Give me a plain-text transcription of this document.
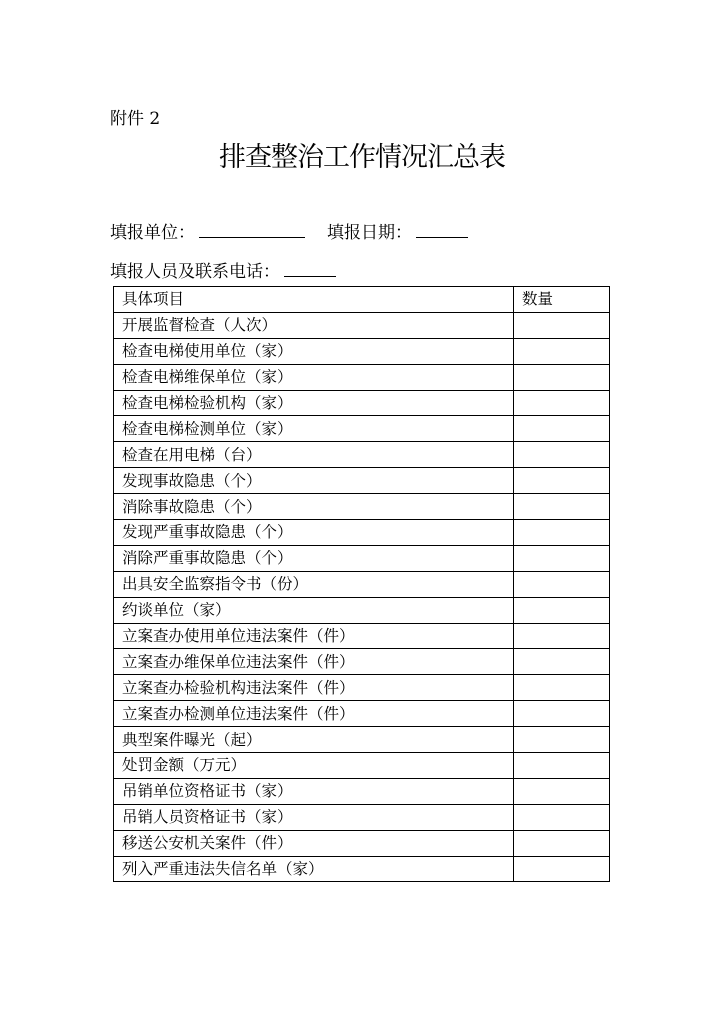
附件 2
排查整治工作情况汇总表
填报单位：	填报日期：
填报人员及联系电话：
具体项目	数量
开展监督检查（人次）	
检查电梯使用单位（家）	
检查电梯维保单位（家）	
检查电梯检验机构（家）	
检查电梯检测单位（家）	
检查在用电梯（台）	
发现事故隐患（个）	
消除事故隐患（个）	
发现严重事故隐患（个）	
消除严重事故隐患（个）	
出具安全监察指令书（份）	
约谈单位（家）	
立案查办使用单位违法案件（件）	
立案查办维保单位违法案件（件）	
立案查办检验机构违法案件（件）	
立案查办检测单位违法案件（件）	
典型案件曝光（起）	
处罚金额（万元）	
吊销单位资格证书（家）	
吊销人员资格证书（家）	
移送公安机关案件（件）	
列入严重违法失信名单（家）	
